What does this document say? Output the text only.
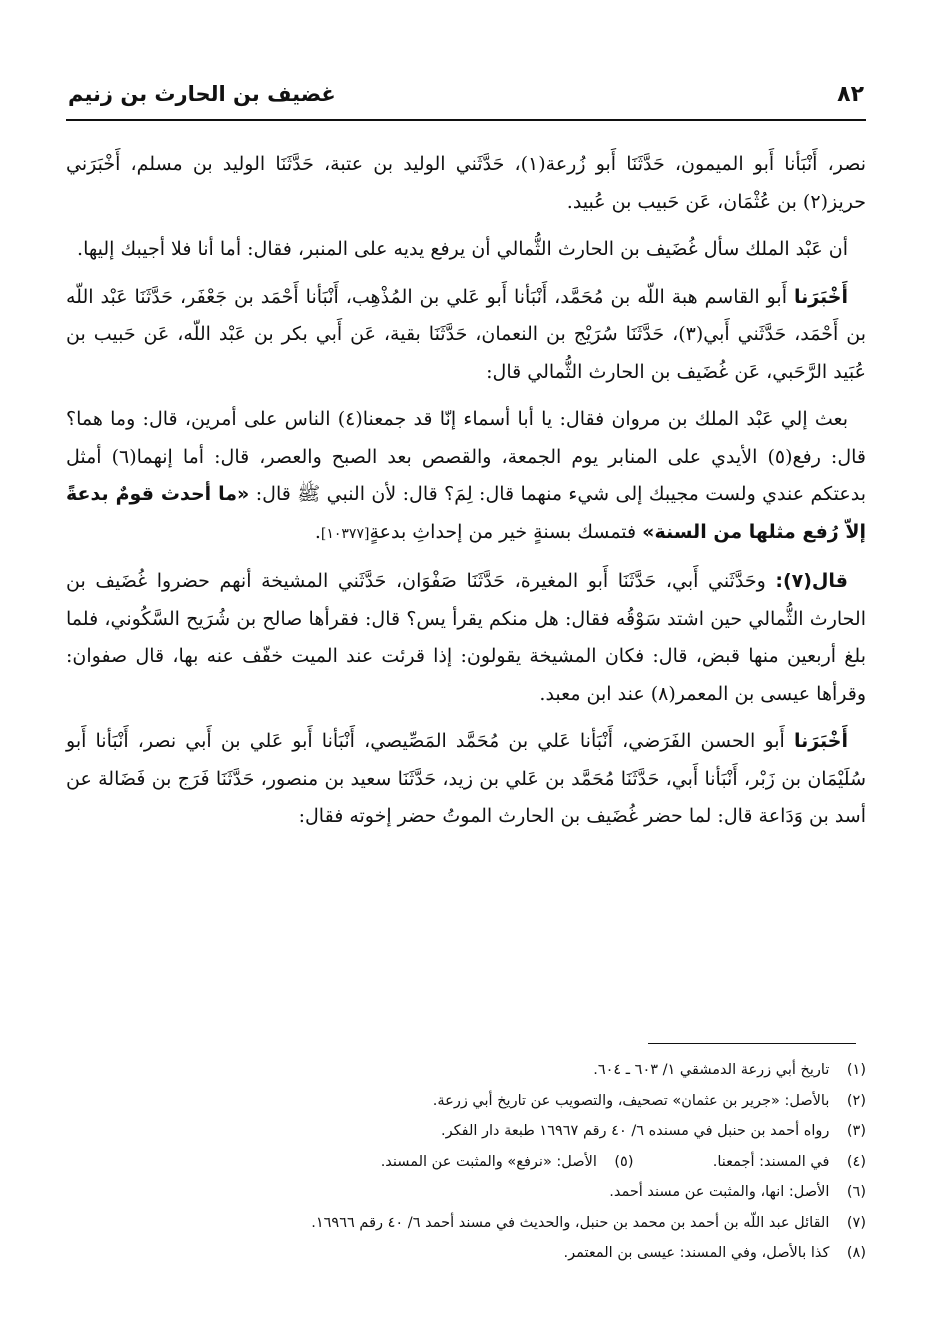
٨٢
غضيف بن الحارث بن زنيم

نصر، أَنْبَأنا أَبو الميمون، حَدَّثَنَا أَبو زُرعة(١)، حَدَّثَني الوليد بن عتبة، حَدَّثَنَا الوليد بن مسلم، أَخْبَرَني حريز(٢) بن عُثْمَان، عَن حَبيب بن عُبيد.

أن عَبْد الملك سأل غُضَيف بن الحارث الثُّمالي أن يرفع يديه على المنبر، فقال: أما أنا فلا أجيبك إليها.

أَخْبَرَنا أَبو القاسم هبة اللّه بن مُحَمَّد، أَنْبَأنا أَبو عَلي بن المُذْهِب، أَنْبَأنا أَحْمَد بن جَعْفَر، حَدَّثَنَا عَبْد اللّه بن أَحْمَد، حَدَّثَني أَبي(٣)، حَدَّثَنَا سُرَيْج بن النعمان، حَدَّثَنَا بقية، عَن أَبي بكر بن عَبْد اللّه، عَن حَبيب بن عُبَيد الرَّحَبي، عَن غُضَيف بن الحارث الثُّمالي قال:

بعث إلي عَبْد الملك بن مروان فقال: يا أبا أسماء إنّا قد جمعنا(٤) الناس على أمرين، قال: وما هما؟ قال: رفع(٥) الأيدي على المنابر يوم الجمعة، والقصص بعد الصبح والعصر، قال: أما إنهما(٦) أمثل بدعتكم عندي ولست مجيبك إلى شيء منهما قال: لِمَ؟ قال: لأن النبي ﷺ قال: «ما أحدث قومٌ بدعةً إلاّ رُفع مثلها من السنة» فتمسك بسنةٍ خير من إحداثِ بدعةٍ[١٠٣٧٧].

قال(٧): وحَدَّثَني أَبي، حَدَّثَنَا أَبو المغيرة، حَدَّثَنَا صَفْوَان، حَدَّثَني المشيخة أنهم حضروا غُضَيف بن الحارث الثُّمالي حين اشتد سَوْقُه فقال: هل منكم يقرأ يس؟ قال: فقرأها صالح بن شُرَيح السَّكُوني، فلما بلغ أربعين منها قبض، قال: فكان المشيخة يقولون: إذا قرئت عند الميت خفّف عنه بها، قال صفوان: وقرأها عيسى بن المعمر(٨) عند ابن معبد.

أَخْبَرَنا أَبو الحسن الفَرَضي، أَنْبَأنا عَلي بن مُحَمَّد المَصِّيصي، أَنْبَأنا أَبو عَلي بن أَبي نصر، أَنْبَأنا أَبو سُلَيْمَان بن زَبْر، أَنْبَأنا أَبي، حَدَّثَنَا مُحَمَّد بن عَلي بن زيد، حَدَّثَنَا سعيد بن منصور، حَدَّثَنَا فَرَج بن فَضَالة عن أسد بن وَدَاعة قال: لما حضر غُضَيف بن الحارث الموتُ حضر إخوته فقال:

(١) تاريخ أبي زرعة الدمشقي ١/ ٦٠٣ ـ ٦٠٤.
(٢) بالأصل: «جرير بن عثمان» تصحيف، والتصويب عن تاريخ أبي زرعة.
(٣) رواه أحمد بن حنبل في مسنده ٦/ ٤٠ رقم ١٦٩٦٧ طبعة دار الفكر.
(٤) في المسند: أجمعنا.  (٥) الأصل: «نرفع» والمثبت عن المسند.
(٦) الأصل: انها، والمثبت عن مسند أحمد.
(٧) القائل عبد اللّه بن أحمد بن محمد بن حنبل، والحديث في مسند أحمد ٦/ ٤٠ رقم ١٦٩٦٦.
(٨) كذا بالأصل، وفي المسند: عيسى بن المعتمر.
